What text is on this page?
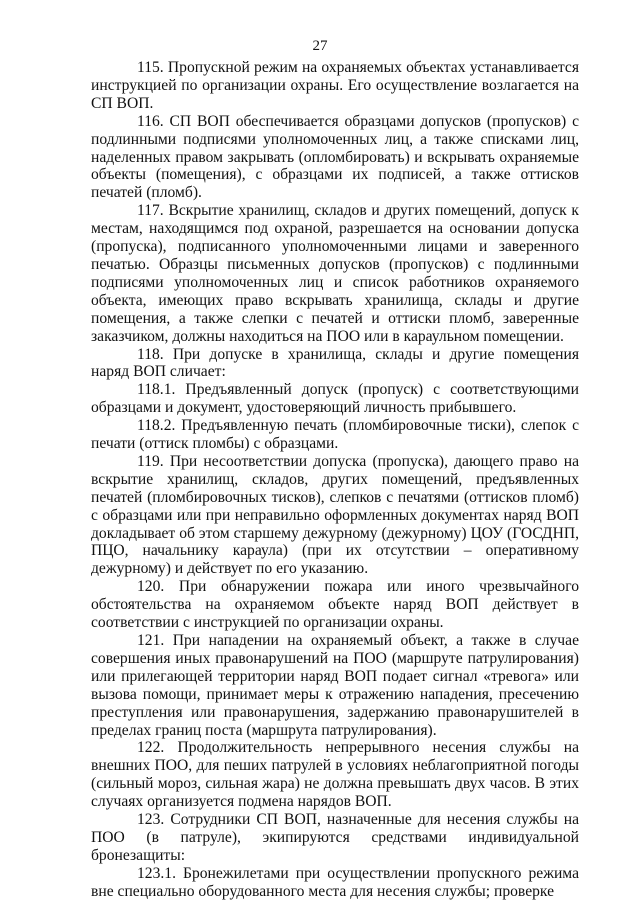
27

115. Пропускной режим на охраняемых объектах устанавливается инструкцией по организации охраны. Его осуществление возлагается на СП ВОП.

116. СП ВОП обеспечивается образцами допусков (пропусков) с подлинными подписями уполномоченных лиц, а также списками лиц, наделенных правом закрывать (опломбировать) и вскрывать охраняемые объекты (помещения), с образцами их подписей, а также оттисков печатей (пломб).

117. Вскрытие хранилищ, складов и других помещений, допуск к местам, находящимся под охраной, разрешается на основании допуска (пропуска), подписанного уполномоченными лицами и заверенного печатью. Образцы письменных допусков (пропусков) с подлинными подписями уполномоченных лиц и список работников охраняемого объекта, имеющих право вскрывать хранилища, склады и другие помещения, а также слепки с печатей и оттиски пломб, заверенные заказчиком, должны находиться на ПОО или в караульном помещении.

118. При допуске в хранилища, склады и другие помещения наряд ВОП сличает:

118.1. Предъявленный допуск (пропуск) с соответствующими образцами и документ, удостоверяющий личность прибывшего.

118.2. Предъявленную печать (пломбировочные тиски), слепок с печати (оттиск пломбы) с образцами.

119. При несоответствии допуска (пропуска), дающего право на вскрытие хранилищ, складов, других помещений, предъявленных печатей (пломбировочных тисков), слепков с печатями (оттисков пломб) с образцами или при неправильно оформленных документах наряд ВОП докладывает об этом старшему дежурному (дежурному) ЦОУ (ГОСДНП, ПЦО, начальнику караула) (при их отсутствии – оперативному дежурному) и действует по его указанию.

120. При обнаружении пожара или иного чрезвычайного обстоятельства на охраняемом объекте наряд ВОП действует в соответствии с инструкцией по организации охраны.

121. При нападении на охраняемый объект, а также в случае совершения иных правонарушений на ПОО (маршруте патрулирования) или прилегающей территории наряд ВОП подает сигнал «тревога» или вызова помощи, принимает меры к отражению нападения, пресечению преступления или правонарушения, задержанию правонарушителей в пределах границ поста (маршрута патрулирования).

122. Продолжительность непрерывного несения службы на внешних ПОО, для пеших патрулей в условиях неблагоприятной погоды (сильный мороз, сильная жара) не должна превышать двух часов. В этих случаях организуется подмена нарядов ВОП.

123. Сотрудники СП ВОП, назначенные для несения службы на ПОО (в патруле), экипируются средствами индивидуальной бронезащиты:

123.1. Бронежилетами при осуществлении пропускного режима вне специально оборудованного места для несения службы; проверке
